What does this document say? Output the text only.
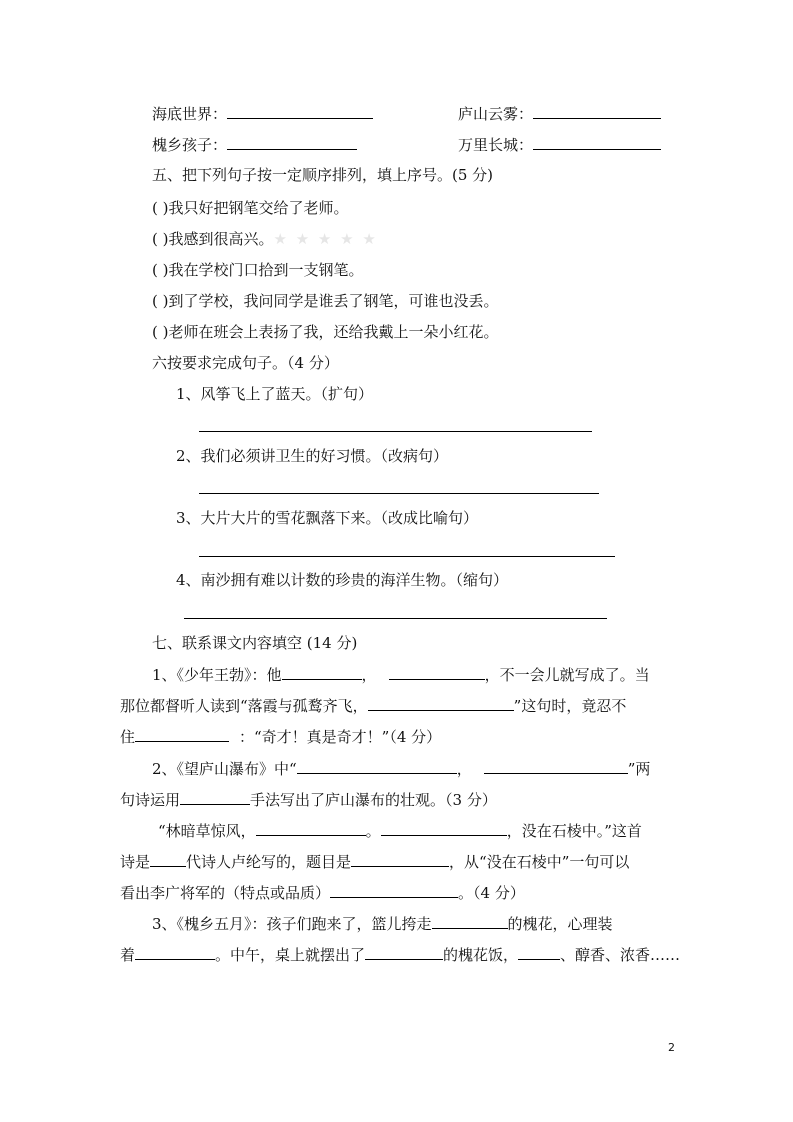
海底世界：	庐山云雾：
槐乡孩子：	万里长城：
五、把下列句子按一定顺序排列，填上序号。(5 分)
( )我只好把钢笔交给了老师。
( )我感到很高兴。★ ★ ★ ★ ★
( )我在学校门口拾到一支钢笔。
( )到了学校，我问同学是谁丢了钢笔，可谁也没丢。
( )老师在班会上表扬了我，还给我戴上一朵小红花。
六按要求完成句子。（4 分）
1、风筝飞上了蓝天。（扩句）
2、我们必须讲卫生的好习惯。（改病句）
3、大片大片的雪花飘落下来。（改成比喻句）
4、南沙拥有难以计数的珍贵的海洋生物。（缩句）
七、联系课文内容填空 (14 分)
1、《少年王勃》：他	，	，不一会儿就写成了。当
那位都督听人读到“落霞与孤鹜齐飞，	”这句时，竟忍不
住	：“奇才！真是奇才！”（4 分）
2、《望庐山瀑布》中“	，	”两
句诗运用	手法写出了庐山瀑布的壮观。（3 分）
“林暗草惊风，	。	，没在石棱中。”这首
诗是 代诗人卢纶写的，题目是	，从“没在石棱中”一句可以
看出李广将军的（特点或品质）	。（4 分）
3、《槐乡五月》：孩子们跑来了，篮儿挎走	的槐花，心理装
着	。中午，桌上就摆出了	的槐花饭，	、醇香、浓香……
2
